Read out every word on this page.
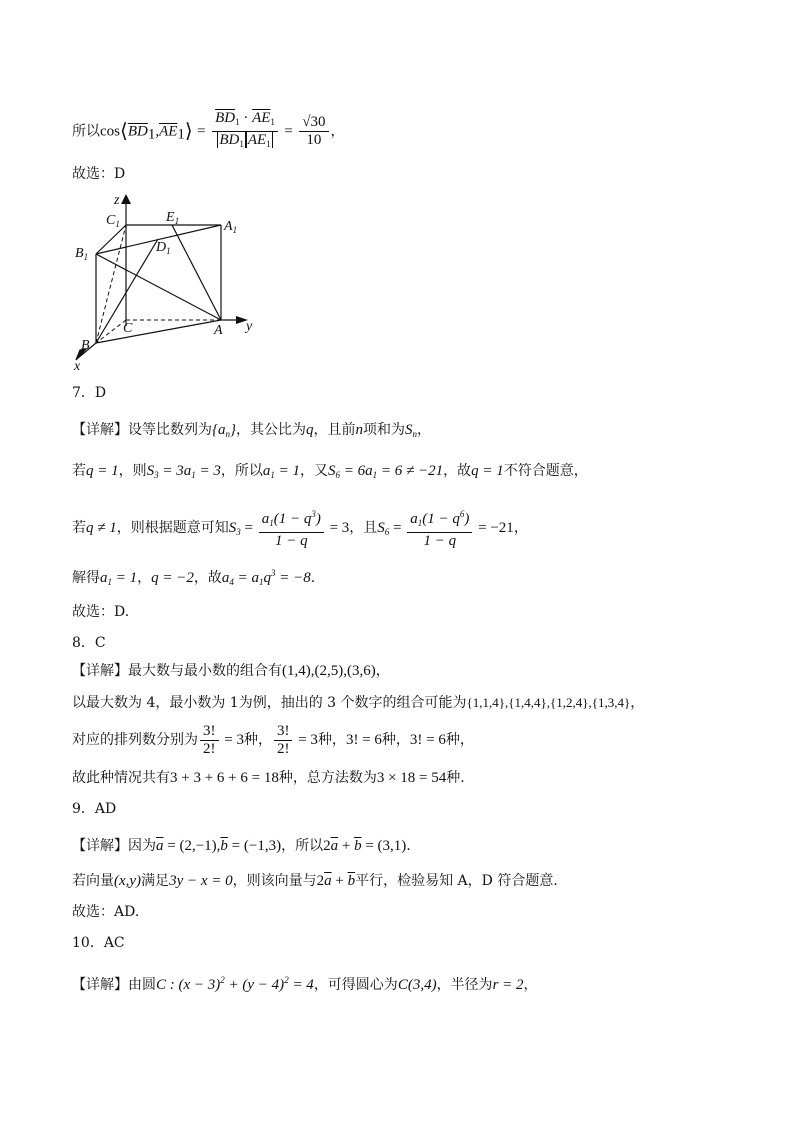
所以$\cos⟨\overline{BD}_1,\overline{AE}_1⟩ = \frac{\overline{BD}_1 \cdot \overline{AE}_1}{\overline{BD}_1 \overline{AE}_1} = \frac{√30}{10}$ ，
故选：D
z
$C_1$	$E_1$	$A_1$
$B_1$
$D_1$
C	A y
B
x
7．D
【详解】设等比数列为$\{a_n\}$，其公比为q，且前n项和为$S_n$，
若q = 1，则$S_3 = 3a_1 = 3$，所以$a_1 = 1$，又$S_6 = 6a_1 = 6 \ne -21$，故q = 1不符合题意，
若q ≠ 1，则根据题意可知$S_3 = \frac{a_1(1 - q^3)}{1 - q} = 3$，且$S_6 = \frac{a_1(1 - q^6)}{1 - q} = -21$，
解得$a_1 = 1$，q = −2，故$a_4 = a_1q^3 = -8$.
故选：D.
8．C
【详解】最大数与最小数的组合有(1,4),(2,5),(3,6)，
以最大数为 4，最小数为 1为例，抽出的 3 个数字的组合可能为{1,1,4},{1,4,4},{1,2,4},{1,3,4}，
对应的排列数分别为 $\frac{3!}{2!} = 3$种， $\frac{3!}{2!} = 3$种，3! = 6种，3! = 6种，
故此种情况共有3 + 3 + 6 + 6 = 18种，总方法数为3 × 18 = 54种.
9．AD
【详解】因为$\overline{a} = (2,-1),\overline{b} = (-1,3)$，所以$2\overline{a} + \overline{b} = (3,1)$.
若向量(x,y)满足3y − x = 0，则该向量与$2\overline{a} + \overline{b}$平行，检验易知 A，D 符合题意.
故选：AD.
10．AC
【详解】由圆C : $(x - 3)^2 + (y - 4)^2 = 4$，可得圆心为C(3,4)，半径为r = 2，
